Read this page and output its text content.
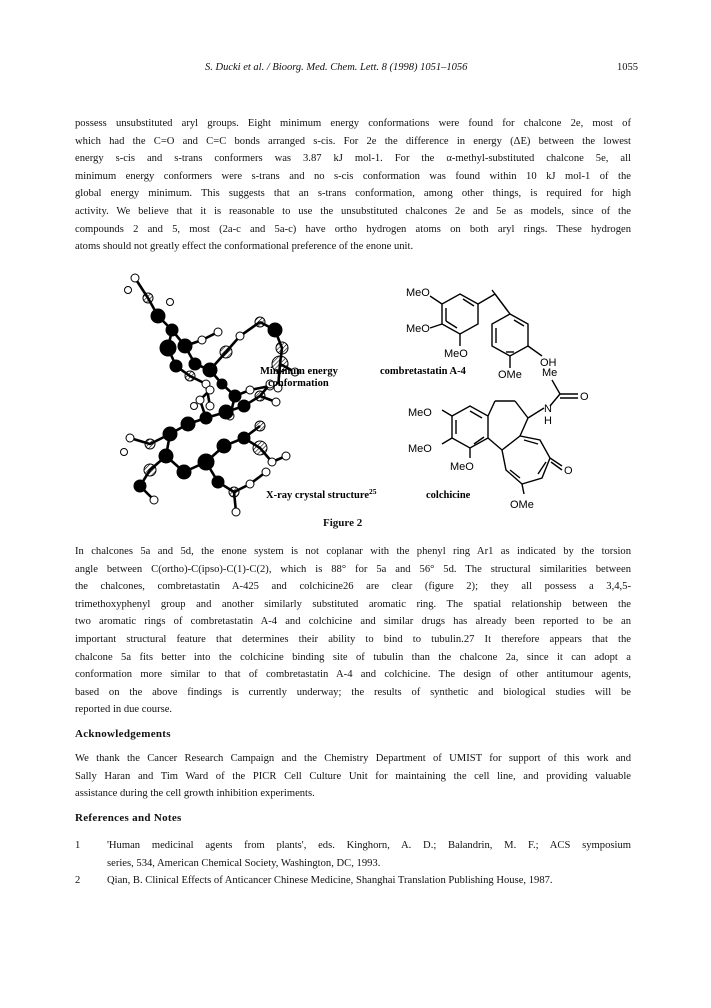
S. Ducki et al. / Bioorg. Med. Chem. Lett. 8 (1998) 1051–1056	1055
possess unsubstituted aryl groups. Eight minimum energy conformations were found for chalcone 2e, most of
which had the C=O and C=C bonds arranged s-cis. For 2e the difference in energy (ΔE) between the lowest
energy s-cis and s-trans conformers was 3.87 kJ mol-1. For the α-methyl-substituted chalcone 5e, all
minimum energy conformers were s-trans and no s-cis conformation was found within 10 kJ mol-1 of the
global energy minimum. This suggests that an s-trans conformation, among other things, is required for high
activity. We believe that it is reasonable to use the unsubstituted chalcones 2e and 5e as models, since of the
compounds 2 and 5, most (2a-c and 5a-c) have ortho hydrogen atoms on both aryl rings. These hydrogen
atoms should not greatly effect the conformational preference of the enone unit.
MeO
MeO
MeO
OH
OMe Me
O
N
H
MeO
MeO
MeO	O
OMe
Minimum energy
conformation
combretastatin A-4
X-ray crystal structure$^{25}$	colchicine
Figure 2
In chalcones 5a and 5d, the enone system is not coplanar with the phenyl ring Ar1 as indicated by the torsion
angle between C(ortho)-C(ipso)-C(1)-C(2), which is 88° for 5a and 56° 5d. The structural similarities between
the chalcones, combretastatin A-425 and colchicine26 are clear (figure 2); they all possess a 3,4,5-
trimethoxyphenyl group and another similarly substituted aromatic ring. The spatial relationship between the
two aromatic rings of combretastatin A-4 and colchicine and similar drugs has already been reported to be an
important structural feature that determines their ability to bind to tubulin.27 It therefore appears that the
chalcone 5a fits better into the colchicine binding site of tubulin than the chalcone 2a, since it can adopt a
conformation more similar to that of combretastatin A-4 and colchicine. The design of other antitumour agents,
based on the above findings is currently underway; the results of synthetic and biological studies will be
reported in due course.
Acknowledgements
We thank the Cancer Research Campaign and the Chemistry Department of UMIST for support of this work and
Sally Haran and Tim Ward of the PICR Cell Culture Unit for maintaining the cell line, and providing valuable
assistance during the cell growth inhibition experiments.
References and Notes
1	'Human medicinal agents from plants', eds. Kinghorn, A. D.; Balandrin, M. F.; ACS symposium
series, 534, American Chemical Society, Washington, DC, 1993.
2	Qian, B. Clinical Effects of Anticancer Chinese Medicine, Shanghai Translation Publishing House, 1987.
